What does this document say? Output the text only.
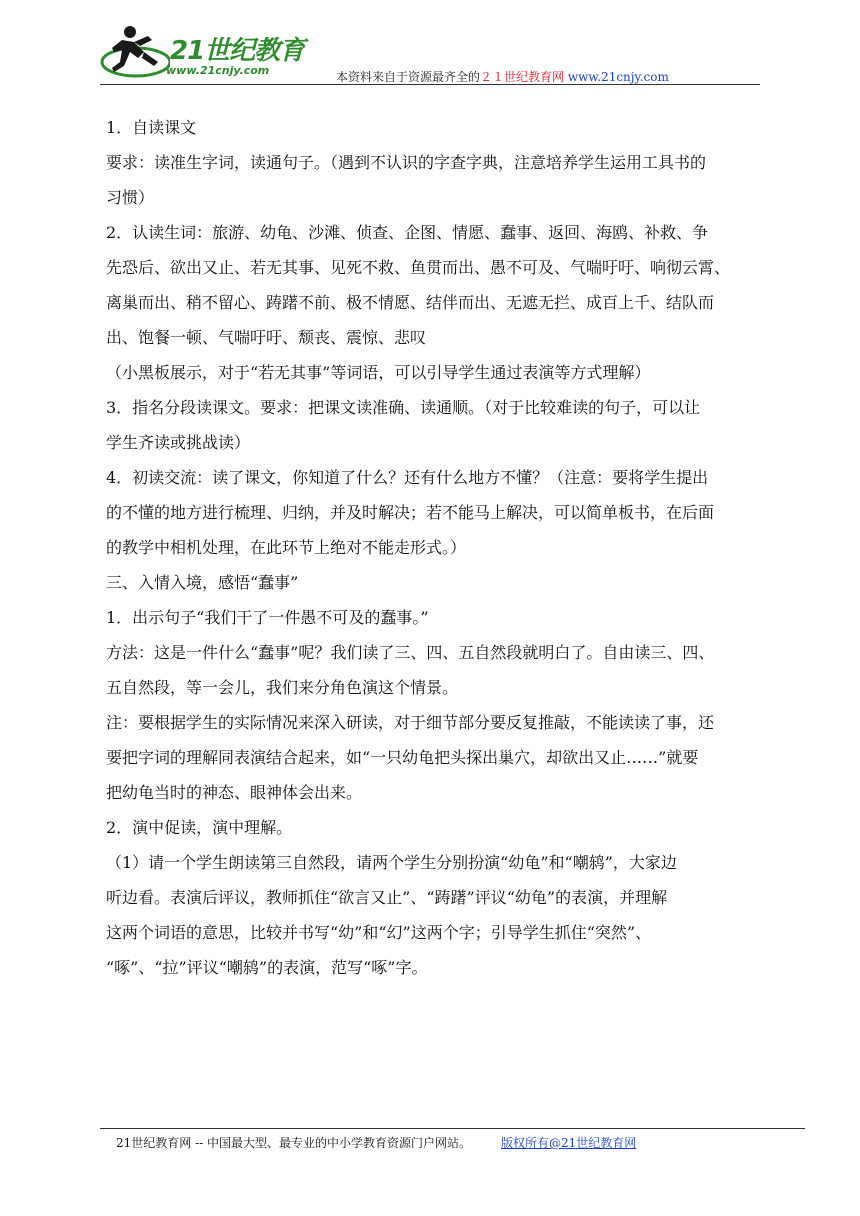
21世纪教育
www.21cnjy.com	本资料来自于资源最齐全的２１世纪教育网 www.21cnjy.com
1．自读课文
要求：读准生字词，读通句子。（遇到不认识的字查字典，注意培养学生运用工具书的
习惯）
2．认读生词：旅游、幼龟、沙滩、侦查、企图、情愿、蠢事、返回、海鸥、补救、争
先恐后、欲出又止、若无其事、见死不救、鱼贯而出、愚不可及、气喘吁吁、响彻云霄、
离巢而出、稍不留心、踌躇不前、极不情愿、结伴而出、无遮无拦、成百上千、结队而
出、饱餐一顿、气喘吁吁、颓丧、震惊、悲叹
（小黑板展示，对于“若无其事”等词语，可以引导学生通过表演等方式理解）
3．指名分段读课文。要求：把课文读准确、读通顺。（对于比较难读的句子，可以让
学生齐读或挑战读）
4．初读交流：读了课文，你知道了什么？还有什么地方不懂？（注意：要将学生提出
的不懂的地方进行梳理、归纳，并及时解决；若不能马上解决，可以简单板书，在后面
的教学中相机处理，在此环节上绝对不能走形式。）
三、入情入境，感悟“蠢事”
1．出示句子“我们干了一件愚不可及的蠢事。”
方法：这是一件什么“蠢事”呢？我们读了三、四、五自然段就明白了。自由读三、四、
五自然段，等一会儿，我们来分角色演这个情景。
注：要根据学生的实际情况来深入研读，对于细节部分要反复推敲，不能读读了事，还
要把字词的理解同表演结合起来，如“一只幼龟把头探出巢穴，却欲出又止……”就要
把幼龟当时的神态、眼神体会出来。
2．演中促读，演中理解。
（1）请一个学生朗读第三自然段，请两个学生分别扮演“幼龟”和“嘲鸫”，大家边
听边看。表演后评议，教师抓住“欲言又止”、“踌躇”评议“幼龟”的表演，并理解
这两个词语的意思，比较并书写“幼”和“幻”这两个字；引导学生抓住“突然”、
“啄”、“拉”评议“嘲鸫”的表演，范写“啄”字。
21世纪教育网 -- 中国最大型、最专业的中小学教育资源门户网站。	版权所有@21世纪教育网
